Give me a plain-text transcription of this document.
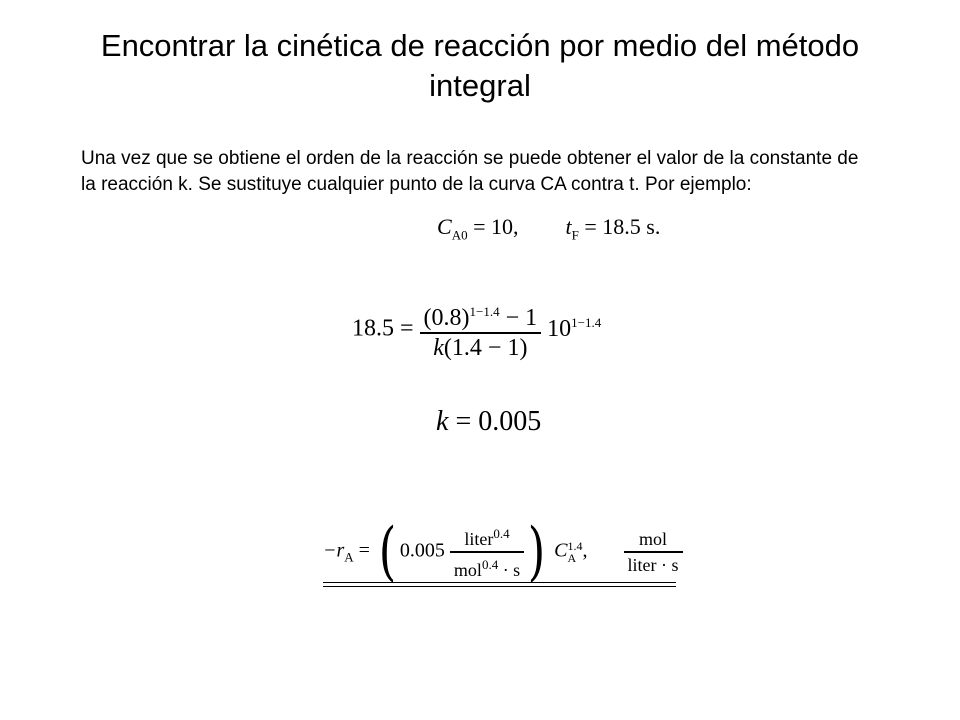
Encontrar la cinética de reacción por medio del método integral
Una vez que se obtiene el orden de la reacción se puede obtener el valor de la constante de la reacción k. Se sustituye cualquier punto de la curva CA contra t. Por ejemplo:
$C_{A0} = 10$, $t_F = 18.5$ s.
$18.5 = \frac{(0.8)^{1-1.4} - 1}{k(1.4 - 1)} 10^{1-1.4}$
k = 0.005
$-r_A$ = ( $0.005 \frac{liter^{0.4}}{mol^{0.4} \cdot s}$ ) C 1.4
A , $\frac{\text{mol}}{\text{liter · s}}$
